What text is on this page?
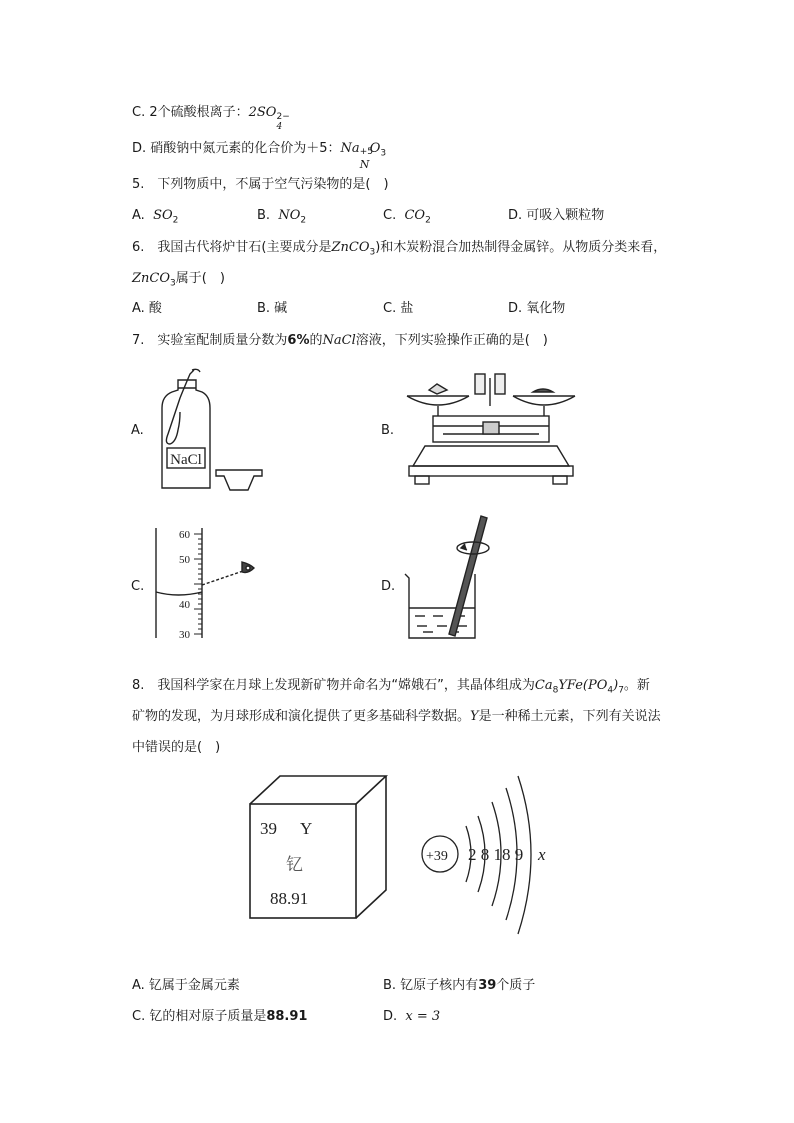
C. 2个硫酸根离子：2SO 2−
4
D. 硝酸钠中氮元素的化合价为＋5：Na +5
N
$O_3$
5. 下列物质中，不属于空气污染物的是( )
A. $SO_2$	B. $NO_2$	C. $CO_2$	D. 可吸入颗粒物
6. 我国古代将炉甘石(主要成分是ZnCO$_3$)和木炭粉混合加热制得金属锌。从物质分类来看，
ZnCO$_3$属于( )
A. 酸	B. 碱	C. 盐	D. 氧化物
7. 实验室配制质量分数为6%的NaCl溶液，下列实验操作正确的是( )
A.	B.
C.	D.
NaCl
60
50
40
30
8. 我国科学家在月球上发现新矿物并命名为“嫦娥石”，其晶体组成为$Ca_8YFe(PO_4)_7$。新
矿物的发现，为月球形成和演化提供了更多基础科学数据。Y是一种稀土元素，下列有关说法
中错误的是( )
39 Y
钇
88.91
+39 2 8 18 9 x
A. 钇属于金属元素	B. 钇原子核内有39个质子
C. 钇的相对原子质量是88.91	D. x = 3
